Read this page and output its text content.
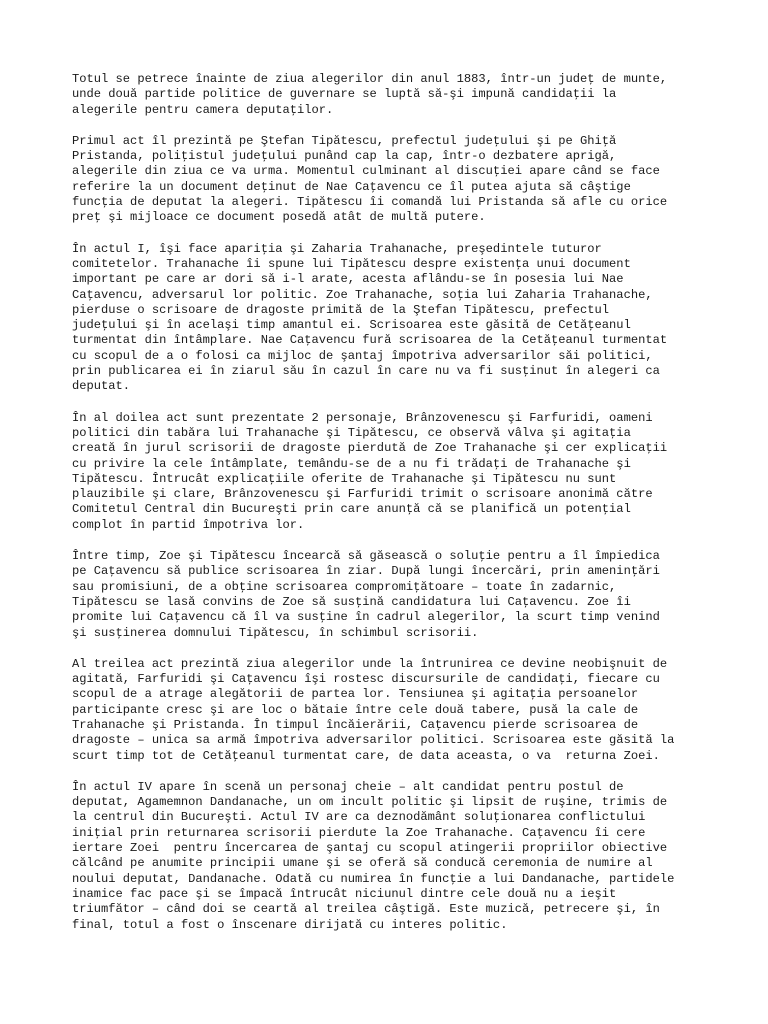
Totul se petrece înainte de ziua alegerilor din anul 1883, într-un judeţ de munte,
unde două partide politice de guvernare se luptă să-şi impună candidaţii la
alegerile pentru camera deputaţilor.

Primul act îl prezintă pe Ştefan Tipătescu, prefectul judeţului şi pe Ghiţă
Pristanda, poliţistul judeţului punând cap la cap, într-o dezbatere aprigă,
alegerile din ziua ce va urma. Momentul culminant al discuţiei apare când se face
referire la un document deţinut de Nae Caţavencu ce îl putea ajuta să câştige
funcţia de deputat la alegeri. Tipătescu îi comandă lui Pristanda să afle cu orice
preţ şi mijloace ce document posedă atât de multă putere.

În actul I, îşi face apariţia şi Zaharia Trahanache, preşedintele tuturor
comitetelor. Trahanache îi spune lui Tipătescu despre existenţa unui document
important pe care ar dori să i-l arate, acesta aflându-se în posesia lui Nae
Caţavencu, adversarul lor politic. Zoe Trahanache, soţia lui Zaharia Trahanache,
pierduse o scrisoare de dragoste primită de la Ştefan Tipătescu, prefectul
judeţului şi în acelaşi timp amantul ei. Scrisoarea este găsită de Cetăţeanul
turmentat din întâmplare. Nae Caţavencu fură scrisoarea de la Cetăţeanul turmentat
cu scopul de a o folosi ca mijloc de şantaj împotriva adversarilor săi politici,
prin publicarea ei în ziarul său în cazul în care nu va fi susţinut în alegeri ca
deputat.

În al doilea act sunt prezentate 2 personaje, Brânzovenescu şi Farfuridi, oameni
politici din tabăra lui Trahanache şi Tipătescu, ce observă vâlva şi agitaţia
creată în jurul scrisorii de dragoste pierdută de Zoe Trahanache şi cer explicaţii
cu privire la cele întâmplate, temându-se de a nu fi trădaţi de Trahanache şi
Tipătescu. Întrucât explicaţiile oferite de Trahanache şi Tipătescu nu sunt
plauzibile şi clare, Brânzovenescu şi Farfuridi trimit o scrisoare anonimă către
Comitetul Central din Bucureşti prin care anunţă că se planifică un potenţial
complot în partid împotriva lor.

Între timp, Zoe şi Tipătescu încearcă să găsească o soluţie pentru a îl împiedica
pe Caţavencu să publice scrisoarea în ziar. După lungi încercări, prin ameninţări
sau promisiuni, de a obţine scrisoarea compromiţătoare – toate în zadarnic,
Tipătescu se lasă convins de Zoe să susţină candidatura lui Caţavencu. Zoe îi
promite lui Caţavencu că îl va susţine în cadrul alegerilor, la scurt timp venind
şi susţinerea domnului Tipătescu, în schimbul scrisorii.

Al treilea act prezintă ziua alegerilor unde la întrunirea ce devine neobişnuit de
agitată, Farfuridi şi Caţavencu îşi rostesc discursurile de candidaţi, fiecare cu
scopul de a atrage alegătorii de partea lor. Tensiunea şi agitaţia persoanelor
participante cresc şi are loc o bătaie între cele două tabere, pusă la cale de
Trahanache şi Pristanda. În timpul încăierării, Caţavencu pierde scrisoarea de
dragoste – unica sa armă împotriva adversarilor politici. Scrisoarea este găsită la
scurt timp tot de Cetăţeanul turmentat care, de data aceasta, o va  returna Zoei.

În actul IV apare în scenă un personaj cheie – alt candidat pentru postul de
deputat, Agamemnon Dandanache, un om incult politic şi lipsit de ruşine, trimis de
la centrul din Bucureşti. Actul IV are ca deznodământ soluţionarea conflictului
iniţial prin returnarea scrisorii pierdute la Zoe Trahanache. Caţavencu îi cere
iertare Zoei  pentru încercarea de şantaj cu scopul atingerii propriilor obiective
călcând pe anumite principii umane şi se oferă să conducă ceremonia de numire al
noului deputat, Dandanache. Odată cu numirea în funcţie a lui Dandanache, partidele
inamice fac pace şi se împacă întrucât niciunul dintre cele două nu a ieşit
triumfător – când doi se ceartă al treilea câştigă. Este muzică, petrecere şi, în
final, totul a fost o înscenare dirijată cu interes politic.
